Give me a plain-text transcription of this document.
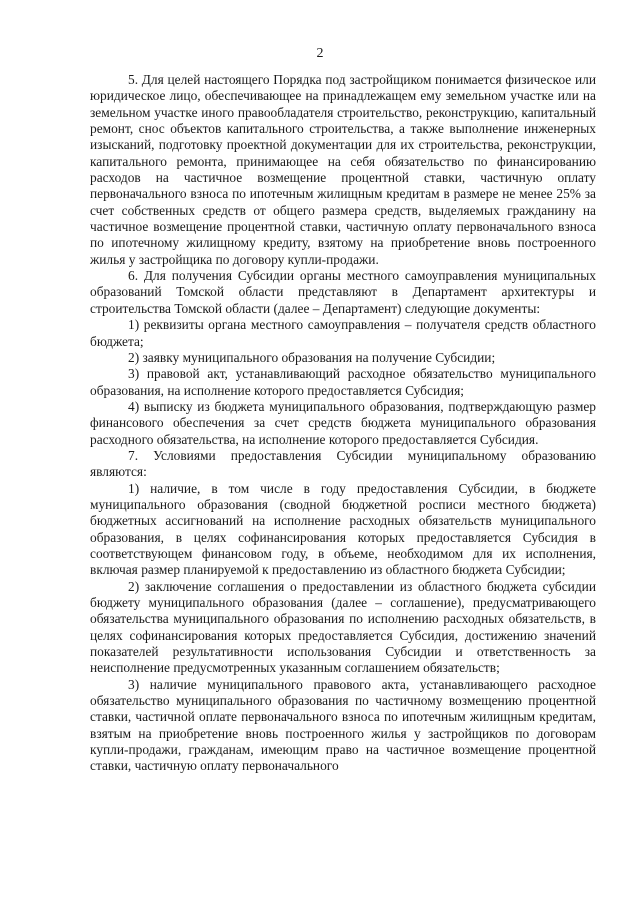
2

5. Для целей настоящего Порядка под застройщиком понимается физическое или юридическое лицо, обеспечивающее на принадлежащем ему земельном участке или на земельном участке иного правообладателя строительство, реконструкцию, капитальный ремонт, снос объектов капитального строительства, а также выполнение инженерных изысканий, подготовку проектной документации для их строительства, реконструкции, капитального ремонта, принимающее на себя обязательство по финансированию расходов на частичное возмещение процентной ставки, частичную оплату первоначального взноса по ипотечным жилищным кредитам в размере не менее 25% за счет собственных средств от общего размера средств, выделяемых гражданину на частичное возмещение процентной ставки, частичную оплату первоначального взноса по ипотечному жилищному кредиту, взятому на приобретение вновь построенного жилья у застройщика по договору купли-продажи.

6. Для получения Субсидии органы местного самоуправления муниципальных образований Томской области представляют в Департамент архитектуры и строительства Томской области (далее – Департамент) следующие документы:

1) реквизиты органа местного самоуправления – получателя средств областного бюджета;

2) заявку муниципального образования на получение Субсидии;

3) правовой акт, устанавливающий расходное обязательство муниципального образования, на исполнение которого предоставляется Субсидия;

4) выписку из бюджета муниципального образования, подтверждающую размер финансового обеспечения за счет средств бюджета муниципального образования расходного обязательства, на исполнение которого предоставляется Субсидия.

7. Условиями предоставления Субсидии муниципальному образованию являются:

1) наличие, в том числе в году предоставления Субсидии, в бюджете муниципального образования (сводной бюджетной росписи местного бюджета) бюджетных ассигнований на исполнение расходных обязательств муниципального образования, в целях софинансирования которых предоставляется Субсидия в соответствующем финансовом году, в объеме, необходимом для их исполнения, включая размер планируемой к предоставлению из областного бюджета Субсидии;

2) заключение соглашения о предоставлении из областного бюджета субсидии бюджету муниципального образования (далее – соглашение), предусматривающего обязательства муниципального образования по исполнению расходных обязательств, в целях софинансирования которых предоставляется Субсидия, достижению значений показателей результативности использования Субсидии и ответственность за неисполнение предусмотренных указанным соглашением обязательств;

3) наличие муниципального правового акта, устанавливающего расходное обязательство муниципального образования по частичному возмещению процентной ставки, частичной оплате первоначального взноса по ипотечным жилищным кредитам, взятым на приобретение вновь построенного жилья у застройщиков по договорам купли-продажи, гражданам, имеющим право на частичное возмещение процентной ставки, частичную оплату первоначального
